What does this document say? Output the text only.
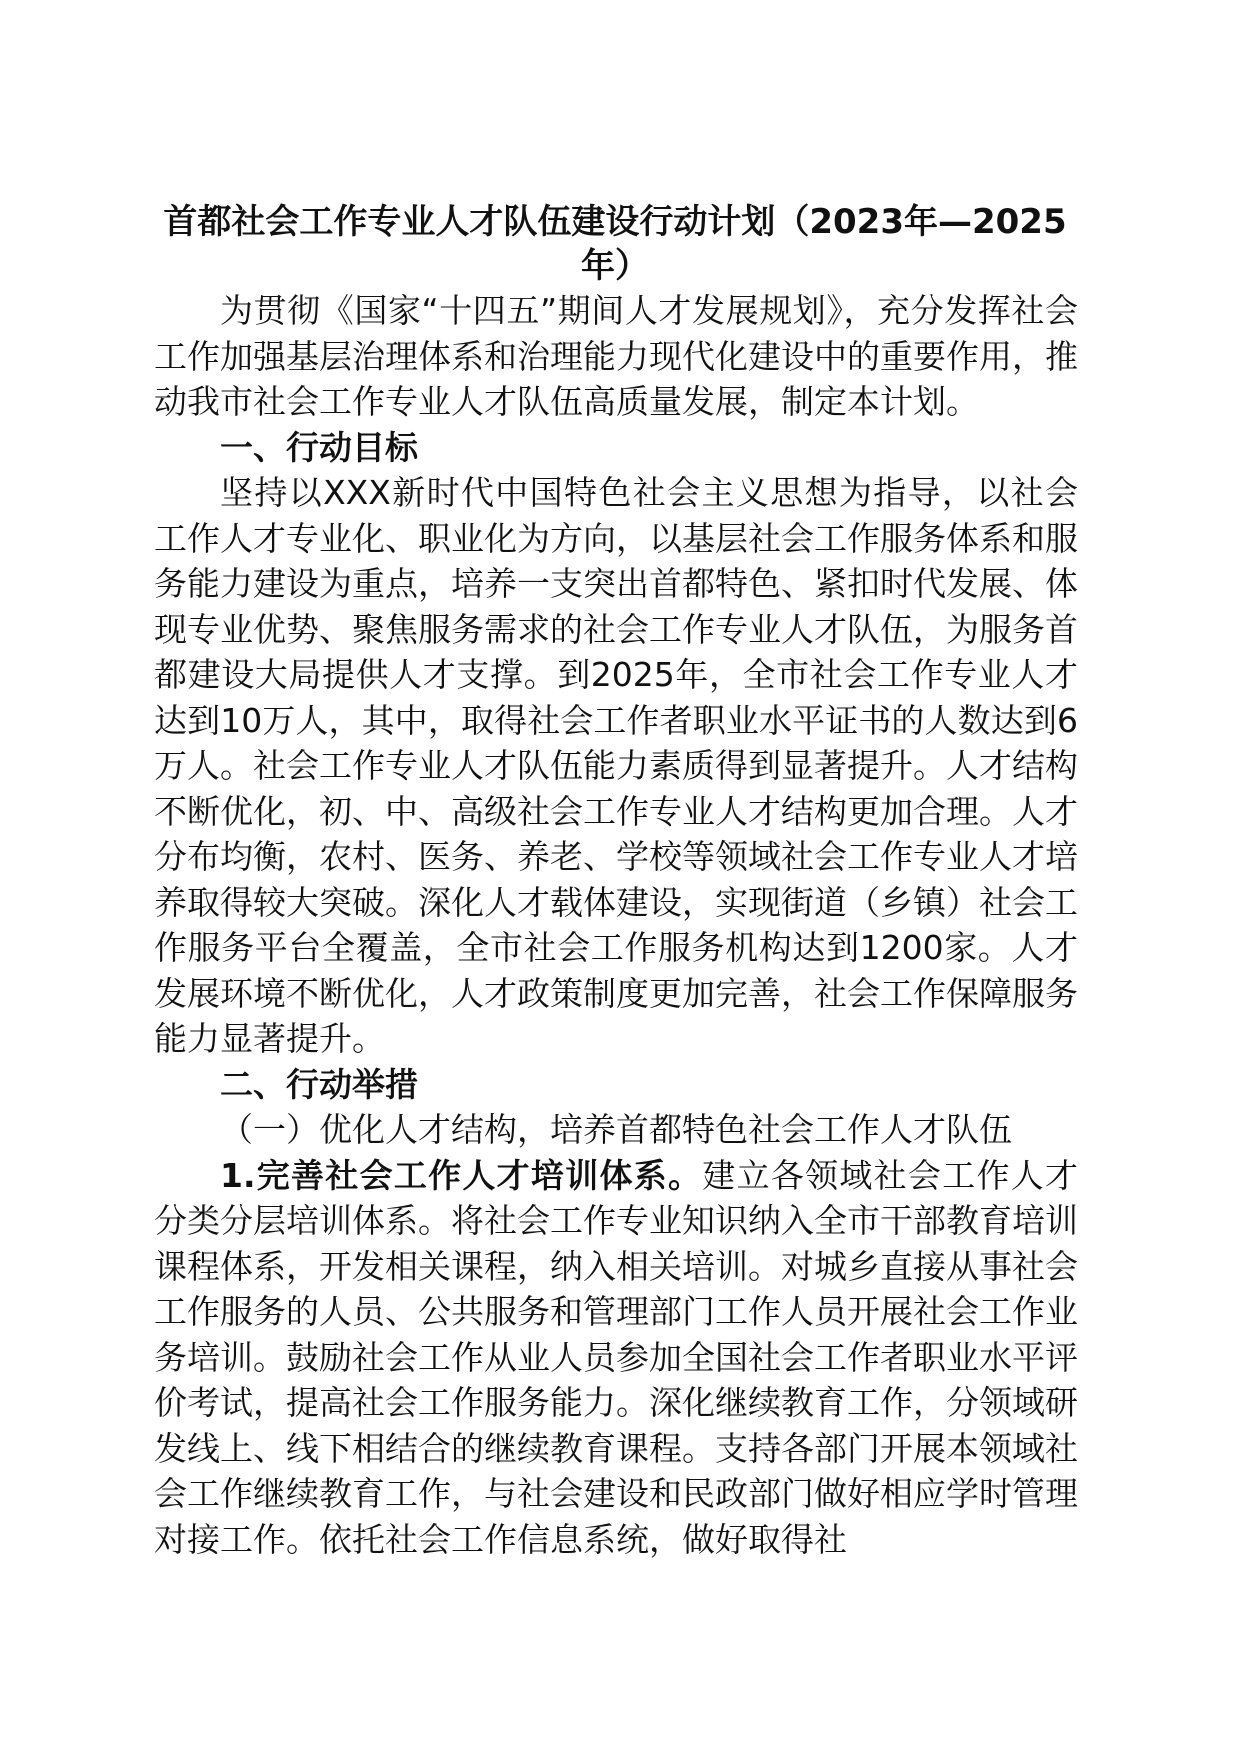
首都社会工作专业人才队伍建设行动计划（2023年—2025
年）

为贯彻《国家“十四五”期间人才发展规划》，充分发挥社会工作加强基层治理体系和治理能力现代化建设中的重要作用，推动我市社会工作专业人才队伍高质量发展，制定本计划。

一、行动目标

坚持以XXX新时代中国特色社会主义思想为指导，以社会工作人才专业化、职业化为方向，以基层社会工作服务体系和服务能力建设为重点，培养一支突出首都特色、紧扣时代发展、体现专业优势、聚焦服务需求的社会工作专业人才队伍，为服务首都建设大局提供人才支撑。到2025年，全市社会工作专业人才达到10万人，其中，取得社会工作者职业水平证书的人数达到6万人。社会工作专业人才队伍能力素质得到显著提升。人才结构不断优化，初、中、高级社会工作专业人才结构更加合理。人才分布均衡，农村、医务、养老、学校等领域社会工作专业人才培养取得较大突破。深化人才载体建设，实现街道（乡镇）社会工作服务平台全覆盖，全市社会工作服务机构达到1200家。人才发展环境不断优化，人才政策制度更加完善，社会工作保障服务能力显著提升。

二、行动举措

（一）优化人才结构，培养首都特色社会工作人才队伍

1.完善社会工作人才培训体系。建立各领域社会工作人才分类分层培训体系。将社会工作专业知识纳入全市干部教育培训课程体系，开发相关课程，纳入相关培训。对城乡直接从事社会工作服务的人员、公共服务和管理部门工作人员开展社会工作业务培训。鼓励社会工作从业人员参加全国社会工作者职业水平评价考试，提高社会工作服务能力。深化继续教育工作，分领域研发线上、线下相结合的继续教育课程。支持各部门开展本领域社会工作继续教育工作，与社会建设和民政部门做好相应学时管理对接工作。依托社会工作信息系统，做好取得社
